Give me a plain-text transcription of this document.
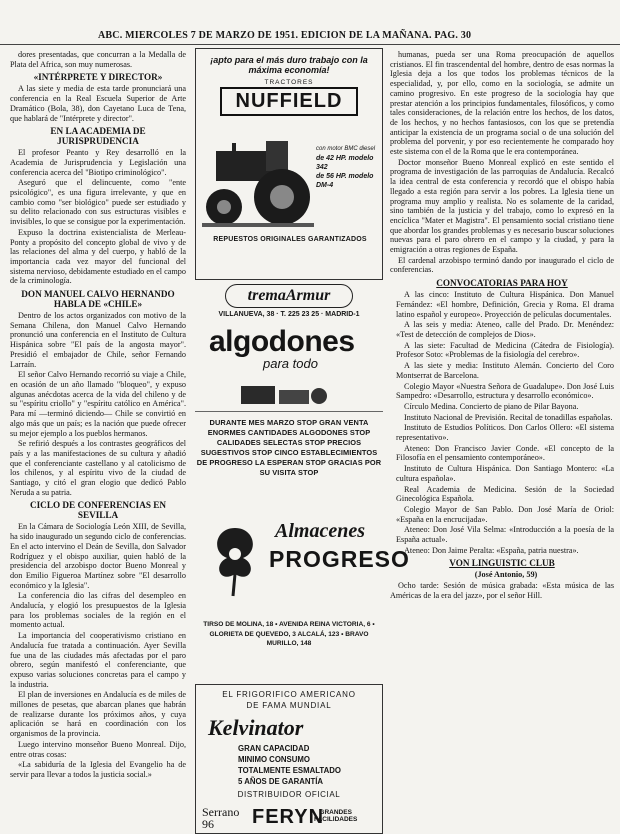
ABC. MIERCOLES 7 DE MARZO DE 1951. EDICION DE LA MAÑANA. PAG. 30

dores presentadas, que concurran a la Medalla de Plata del Africa, son muy numerosas.

«INTÉRPRETE Y DIRECTOR»

A las siete y media de esta tarde pronunciará una conferencia en la Real Escuela Superior de Arte Dramático (Bola, 38), don Cayetano Luca de Tena, que hablará de "Intérprete y director".

EN LA ACADEMIA DE JURISPRUDENCIA

El profesor Peanto y Rey desarrolló en la Academia de Jurisprudencia y Legislación una conferencia acerca del "Biotipo criminológico".

Aseguró que el delincuente, como "ente psicológico", es una figura irrelevante, y que en cambio como "ser biológico" puede ser estudiado y su delito relacionado con sus estructuras visibles e invisibles, lo que se consigue por la experimentación.

Expuso la doctrina existencialista de Merleau-Ponty a propósito del concepto global de vivo y de las relaciones del alma y del cuerpo, y habló de la importancia cada vez mayor del funcional del sistema nervioso, debidamente estudiado en el campo de la criminología.

DON MANUEL CALVO HERNANDO HABLA DE «CHILE»

Dentro de los actos organizados con motivo de la Semana Chilena, don Manuel Calvo Hernando pronunció una conferencia en el Instituto de Cultura Hispánica sobre "El país de la angosta mayor". Presidió el embajador de Chile, señor Fernando Larraín.

El señor Calvo Hernando recorrió su viaje a Chile, en ocasión de un año llamado "bloqueo", y expuso algunas anécdotas acerca de la vida del chileno y de su "espíritu criollo" y "espíritu católico en América". Para mí —terminó diciendo— Chile se convirtió en algo más que un país; es la nación que puede ofrecer su mejor ejemplo a los pueblos hermanos.

Se refirió después a los contrastes geográficos del país y a las manifestaciones de su cultura y añadió que el conferenciante castellano y al catolicismo de los chilenos, y al espíritu vivo de la ciudad de Santiago, y citó el gran elogio que dedicó Pablo Neruda a su patria.

CICLO DE CONFERENCIAS EN SEVILLA

En la Cámara de Sociología León XIII, de Sevilla, ha sido inaugurado un segundo ciclo de conferencias. En el acto intervino el Deán de Sevilla, don Salvador Rodríguez y el obispo auxiliar, quien habló de la presidencia del arzobispo doctor Bueno Monreal y don Emilio Figueroa Martínez sobre "El desarrollo económico y la Iglesia".

La conferencia dio las cifras del desempleo en Andalucía, y elogió los presupuestos de la Iglesia para los problemas sociales de la región en el momento actual.

La importancia del cooperativismo cristiano en Andalucía fue tratada a continuación. Ayer Sevilla fue una de las ciudades más afectadas por el paro obrero, según manifestó el conferenciante, que expuso varias soluciones concretas para el campo y la industria.

El plan de inversiones en Andalucía es de miles de millones de pesetas, que abarcan planes que habrán de realizarse durante los próximos años, y cuya aplicación se hará en coordinación con los organismos de la provincia.

Luego intervino monseñor Bueno Monreal. Dijo, entre otras cosas:

«La sabiduría de la Iglesia del Evangelio ha de servir para llevar a todos la justicia social.»

¡apto para el más duro trabajo con la máxima economía!
TRACTORES
NUFFIELD
con motor BMC diesel
de 42 HP. modelo 342
de 56 HP. modelo DM-4
REPUESTOS ORIGINALES GARANTIZADOS
tremaArmur
VILLANUEVA, 38 · T. 225 23 25 · MADRID-1
algodones
para todo
DURANTE MES MARZO STOP GRAN VENTA ENORMES CANTIDADES ALGODONES STOP CALIDADES SELECTAS STOP PRECIOS SUGESTIVOS STOP CINCO ESTABLECIMIENTOS DE PROGRESO LA ESPERAN STOP GRACIAS POR SU VISITA STOP
Almacenes
PROGRESO
TIRSO DE MOLINA, 18 • AVENIDA REINA VICTORIA, 6 • GLORIETA DE QUEVEDO, 3 ALCALÁ, 123 • BRAVO MURILLO, 148
EL FRIGORIFICO AMERICANO
DE FAMA MUNDIAL
Kelvinator
GRAN CAPACIDAD
MINIMO CONSUMO
TOTALMENTE ESMALTADO
5 AÑOS DE GARANTÍA
DISTRIBUIDOR OFICIAL
Serrano
96	FERYN
GRANDES
FACILIDADES

humanas, pueda ser una Roma preocupación de aquellos cristianos. El fin trascendental del hombre, dentro de esas normas la Iglesia deja a los que todos los problemas técnicos de la especialidad, y, por ello, como en la sociología, se admite un camino progresivo. En este progreso de la sociología hay que prestar atención a los principios fundamentales, filosóficos, y como tales consideraciones, de la relación entre los hechos, de los datos, de los hechos, y no hechos fantasiosos, con los que se pretendía anticipar la existencia de un programa social o de una solución del problema del porvenir, y por eso recientemente he comparado hoy este sistema con el de la Roma que le era contemporánea.

Doctor monseñor Bueno Monreal explicó en este sentido el programa de investigación de las parroquias de Andalucía. Recalcó la idea central de esta conferencia y recordó que el obispo había llegado a esta región para servir a los pobres. La Iglesia tiene un programa muy amplio y realista. No es solamente de la caridad, sino también de la justicia y del trabajo, como lo expresó en la encíclica "Mater et Magistra". El pensamiento social cristiano tiene que abordar los grandes problemas y es necesario buscar soluciones nuevas para el paro obrero en el campo y la ciudad, y para la emigración a otras regiones de España.

El cardenal arzobispo terminó dando por inaugurado el ciclo de conferencias.

CONVOCATORIAS PARA HOY

A las cinco: Instituto de Cultura Hispánica. Don Manuel Fernández: «El hombre, Definición, Grecia y Roma. El drama latino español y europeo». Proyección de películas documentales.

A las seis y media: Ateneo, calle del Prado. Dr. Menéndez: «Test de detección de complejos de Dios».

A las siete: Facultad de Medicina (Cátedra de Fisiología). Profesor Soto: «Problemas de la fisiología del cerebro».

A las siete y media: Instituto Alemán. Concierto del Coro Montserrat de Barcelona.

Colegio Mayor «Nuestra Señora de Guadalupe». Don José Luis Sampedro: «Desarrollo, estructura y desarrollo económico».

Círculo Medina. Concierto de piano de Pilar Bayona.

Instituto Nacional de Previsión. Recital de tonadillas españolas.

Instituto de Estudios Políticos. Don Carlos Ollero: «El sistema representativo».

Ateneo: Don Francisco Javier Conde. «El concepto de la Filosofía en el pensamiento contemporáneo».

Instituto de Cultura Hispánica. Don Santiago Montero: «La cultura española».

Real Academia de Medicina. Sesión de la Sociedad Ginecológica Española.

Colegio Mayor de San Pablo. Don José María de Oriol: «España en la encrucijada».

Ateneo: Don José Vila Selma: «Introducción a la poesía de la España actual».

Ateneo: Don Jaime Peralta: «España, patria nuestra».

VON LINGUISTIC CLUB

(José Antonio, 59)

Ocho tarde: Sesión de música grabada: «Esta música de las Américas de la era del jazz», por el señor Hill.
